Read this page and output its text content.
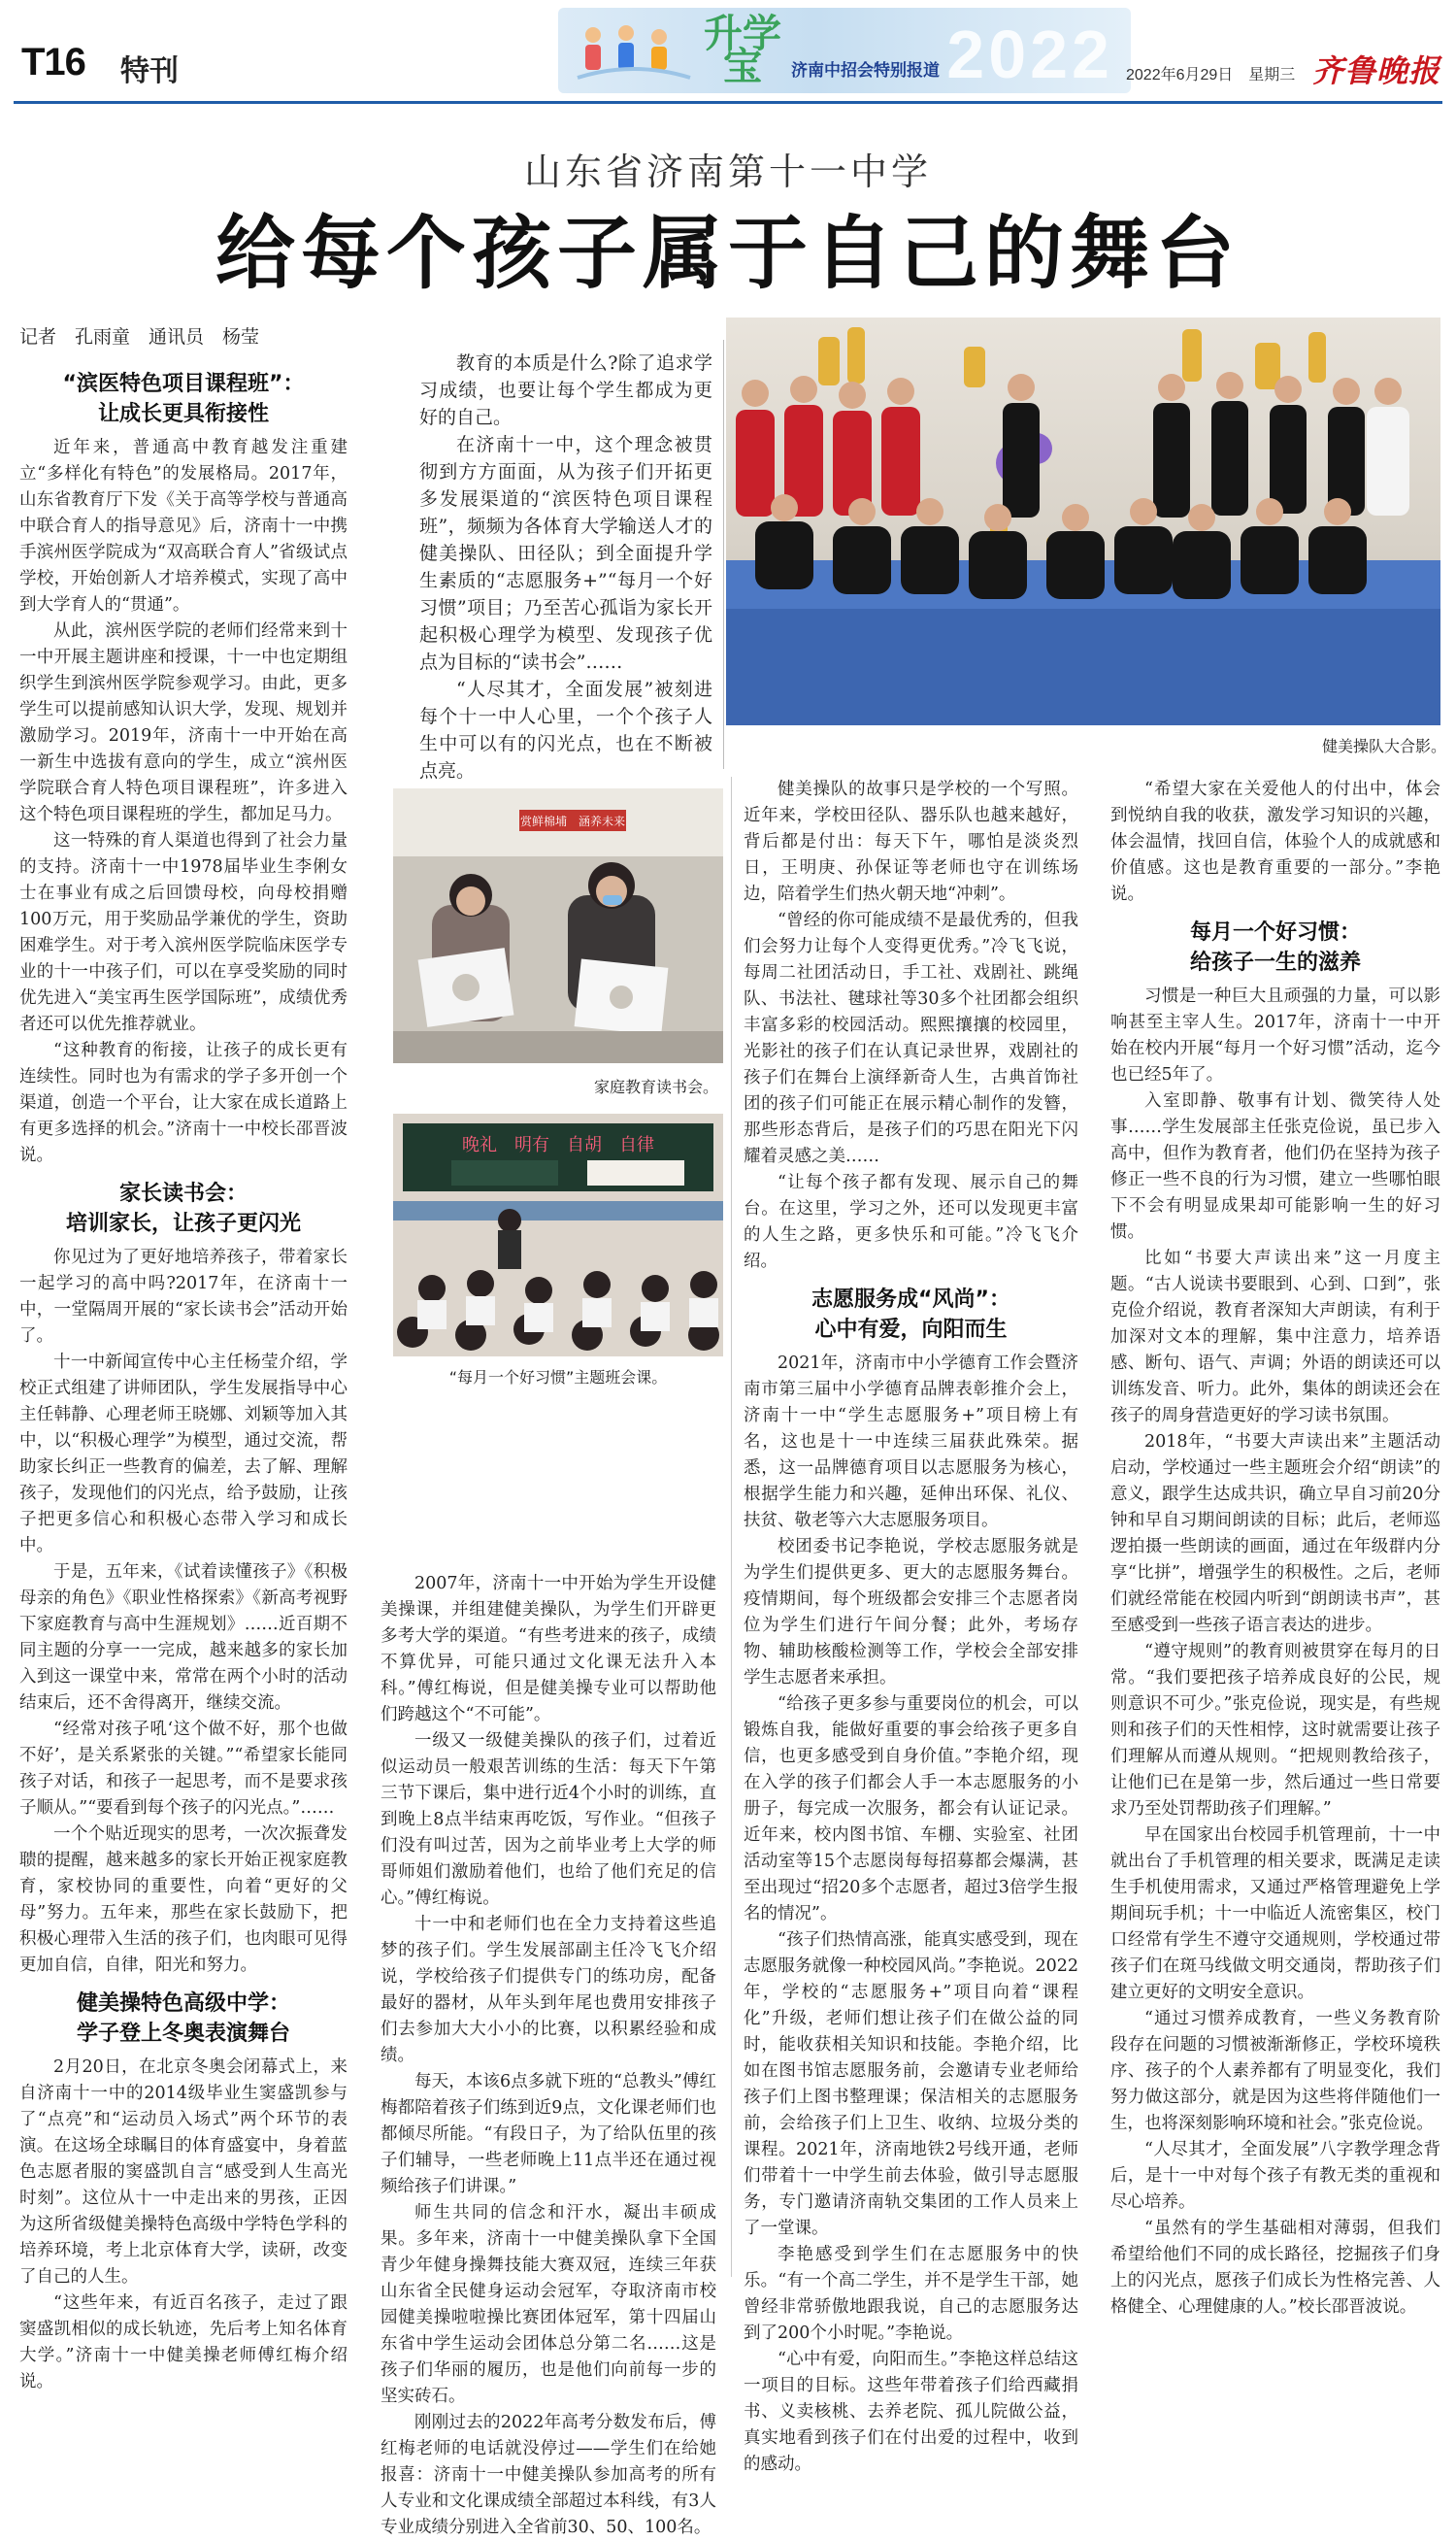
T16 特刊
升学宝	济南中招会特别报道 2022 2022年6月29日　星期三 齐鲁晚报
山东省济南第十一中学
给每个孩子属于自己的舞台
记者　孔雨童　通讯员　杨莹

教育的本质是什么?除了追求学习成绩，也要让每个学生都成为更好的自己。

在济南十一中，这个理念被贯彻到方方面面，从为孩子们开拓更多发展渠道的“滨医特色项目课程班”，频频为各体育大学输送人才的健美操队、田径队；到全面提升学生素质的“志愿服务+”“每月一个好习惯”项目；乃至苦心孤诣为家长开起积极心理学为模型、发现孩子优点为目标的“读书会”……

“人尽其才，全面发展”被刻进每个十一中人心里，一个个孩子人生中可以有的闪光点，也在不断被点亮。

健美操队大合影。
赏鲜棉埔　涵养未来
家庭教育读书会。
晚礼　明有　自胡　自律
“每月一个好习惯”主题班会课。
“滨医特色项目课程班”：
让成长更具衔接性

近年来，普通高中教育越发注重建立“多样化有特色”的发展格局。2017年，山东省教育厅下发《关于高等学校与普通高中联合育人的指导意见》后，济南十一中携手滨州医学院成为“双高联合育人”省级试点学校，开始创新人才培养模式，实现了高中到大学育人的“贯通”。

从此，滨州医学院的老师们经常来到十一中开展主题讲座和授课，十一中也定期组织学生到滨州医学院参观学习。由此，更多学生可以提前感知认识大学，发现、规划并激励学习。2019年，济南十一中开始在高一新生中选拔有意向的学生，成立“滨州医学院联合育人特色项目课程班”，许多进入这个特色项目课程班的学生，都加足马力。

这一特殊的育人渠道也得到了社会力量的支持。济南十一中1978届毕业生李俐女士在事业有成之后回馈母校，向母校捐赠100万元，用于奖励品学兼优的学生，资助困难学生。对于考入滨州医学院临床医学专业的十一中孩子们，可以在享受奖励的同时优先进入“美宝再生医学国际班”，成绩优秀者还可以优先推荐就业。

“这种教育的衔接，让孩子的成长更有连续性。同时也为有需求的学子多开创一个渠道，创造一个平台，让大家在成长道路上有更多选择的机会。”济南十一中校长邵晋波说。

家长读书会：
培训家长，让孩子更闪光

你见过为了更好地培养孩子，带着家长一起学习的高中吗?2017年，在济南十一中，一堂隔周开展的“家长读书会”活动开始了。

十一中新闻宣传中心主任杨莹介绍，学校正式组建了讲师团队，学生发展指导中心主任韩静、心理老师王晓娜、刘颖等加入其中，以“积极心理学”为模型，通过交流，帮助家长纠正一些教育的偏差，去了解、理解孩子，发现他们的闪光点，给予鼓励，让孩子把更多信心和积极心态带入学习和成长中。

于是，五年来，《试着读懂孩子》《积极母亲的角色》《职业性格探索》《新高考视野下家庭教育与高中生涯规划》……近百期不同主题的分享一一完成，越来越多的家长加入到这一课堂中来，常常在两个小时的活动结束后，还不舍得离开，继续交流。

“经常对孩子吼‘这个做不好，那个也做不好’，是关系紧张的关键。”“希望家长能同孩子对话，和孩子一起思考，而不是要求孩子顺从。”“要看到每个孩子的闪光点。”……

一个个贴近现实的思考，一次次振聋发聩的提醒，越来越多的家长开始正视家庭教育，家校协同的重要性，向着“更好的父母”努力。五年来，那些在家长鼓励下，把积极心理带入生活的孩子们，也肉眼可见得更加自信，自律，阳光和努力。

健美操特色高级中学：
学子登上冬奥表演舞台

2月20日，在北京冬奥会闭幕式上，来自济南十一中的2014级毕业生窦盛凯参与了“点亮”和“运动员入场式”两个环节的表演。在这场全球瞩目的体育盛宴中，身着蓝色志愿者服的窦盛凯自言“感受到人生高光时刻”。这位从十一中走出来的男孩，正因为这所省级健美操特色高级中学特色学科的培养环境，考上北京体育大学，读研，改变了自己的人生。

“这些年来，有近百名孩子，走过了跟窦盛凯相似的成长轨迹，先后考上知名体育大学。”济南十一中健美操老师傅红梅介绍说。

2007年，济南十一中开始为学生开设健美操课，并组建健美操队，为学生们开辟更多考大学的渠道。“有些考进来的孩子，成绩不算优异，可能只通过文化课无法升入本科。”傅红梅说，但是健美操专业可以帮助他们跨越这个“不可能”。

一级又一级健美操队的孩子们，过着近似运动员一般艰苦训练的生活：每天下午第三节下课后，集中进行近4个小时的训练，直到晚上8点半结束再吃饭，写作业。“但孩子们没有叫过苦，因为之前毕业考上大学的师哥师姐们激励着他们，也给了他们充足的信心。”傅红梅说。

十一中和老师们也在全力支持着这些追梦的孩子们。学生发展部副主任冷飞飞介绍说，学校给孩子们提供专门的练功房，配备最好的器材，从年头到年尾也费用安排孩子们去参加大大小小的比赛，以积累经验和成绩。

每天，本该6点多就下班的“总教头”傅红梅都陪着孩子们练到近9点，文化课老师们也都倾尽所能。“有段日子，为了给队伍里的孩子们辅导，一些老师晚上11点半还在通过视频给孩子们讲课。”

师生共同的信念和汗水，凝出丰硕成果。多年来，济南十一中健美操队拿下全国青少年健身操舞技能大赛双冠，连续三年获山东省全民健身运动会冠军，夺取济南市校园健美操啦啦操比赛团体冠军，第十四届山东省中学生运动会团体总分第二名……这是孩子们华丽的履历，也是他们向前每一步的坚实砖石。

刚刚过去的2022年高考分数发布后，傅红梅老师的电话就没停过——学生们在给她报喜：济南十一中健美操队参加高考的所有人专业和文化课成绩全部超过本科线，有3人专业成绩分别进入全省前30、50、100名。

健美操队的故事只是学校的一个写照。近年来，学校田径队、器乐队也越来越好，背后都是付出：每天下午，哪怕是淡炎烈日，王明庚、孙保证等老师也守在训练场边，陪着学生们热火朝天地“冲刺”。

“曾经的你可能成绩不是最优秀的，但我们会努力让每个人变得更优秀。”冷飞飞说，每周二社团活动日，手工社、戏剧社、跳绳队、书法社、毽球社等30多个社团都会组织丰富多彩的校园活动。熙熙攘攘的校园里，光影社的孩子们在认真记录世界，戏剧社的孩子们在舞台上演绎新奇人生，古典首饰社团的孩子们可能正在展示精心制作的发簪，那些形态背后，是孩子们的巧思在阳光下闪耀着灵感之美……

“让每个孩子都有发现、展示自己的舞台。在这里，学习之外，还可以发现更丰富的人生之路，更多快乐和可能。”冷飞飞介绍。

志愿服务成“风尚”：
心中有爱，向阳而生

2021年，济南市中小学德育工作会暨济南市第三届中小学德育品牌表彰推介会上，济南十一中“学生志愿服务+”项目榜上有名，这也是十一中连续三届获此殊荣。据悉，这一品牌德育项目以志愿服务为核心，根据学生能力和兴趣，延伸出环保、礼仪、扶贫、敬老等六大志愿服务项目。

校团委书记李艳说，学校志愿服务就是为学生们提供更多、更大的志愿服务舞台。疫情期间，每个班级都会安排三个志愿者岗位为学生们进行午间分餐；此外，考场存物、辅助核酸检测等工作，学校会全部安排学生志愿者来承担。

“给孩子更多参与重要岗位的机会，可以锻炼自我，能做好重要的事会给孩子更多自信，也更多感受到自身价值。”李艳介绍，现在入学的孩子们都会人手一本志愿服务的小册子，每完成一次服务，都会有认证记录。近年来，校内图书馆、车棚、实验室、社团活动室等15个志愿岗每每招募都会爆满，甚至出现过“招20多个志愿者，超过3倍学生报名的情况”。

“孩子们热情高涨，能真实感受到，现在志愿服务就像一种校园风尚。”李艳说。2022年，学校的“志愿服务+”项目向着“课程化”升级，老师们想让孩子们在做公益的同时，能收获相关知识和技能。李艳介绍，比如在图书馆志愿服务前，会邀请专业老师给孩子们上图书整理课；保洁相关的志愿服务前，会给孩子们上卫生、收纳、垃圾分类的课程。2021年，济南地铁2号线开通，老师们带着十一中学生前去体验，做引导志愿服务，专门邀请济南轨交集团的工作人员来上了一堂课。

李艳感受到学生们在志愿服务中的快乐。“有一个高二学生，并不是学生干部，她曾经非常骄傲地跟我说，自己的志愿服务达到了200个小时呢。”李艳说。

“心中有爱，向阳而生。”李艳这样总结这一项目的目标。这些年带着孩子们给西藏捐书、义卖核桃、去养老院、孤儿院做公益，真实地看到孩子们在付出爱的过程中，收到的感动。

“希望大家在关爱他人的付出中，体会到悦纳自我的收获，激发学习知识的兴趣，体会温情，找回自信，体验个人的成就感和价值感。这也是教育重要的一部分。”李艳说。

每月一个好习惯：
给孩子一生的滋养

习惯是一种巨大且顽强的力量，可以影响甚至主宰人生。2017年，济南十一中开始在校内开展“每月一个好习惯”活动，迄今也已经5年了。

入室即静、敬事有计划、微笑待人处事……学生发展部主任张克俭说，虽已步入高中，但作为教育者，他们仍在坚持为孩子修正一些不良的行为习惯，建立一些哪怕眼下不会有明显成果却可能影响一生的好习惯。

比如“书要大声读出来”这一月度主题。“古人说读书要眼到、心到、口到”，张克俭介绍说，教育者深知大声朗读，有利于加深对文本的理解，集中注意力，培养语感、断句、语气、声调；外语的朗读还可以训练发音、听力。此外，集体的朗读还会在孩子的周身营造更好的学习读书氛围。

2018年，“书要大声读出来”主题活动启动，学校通过一些主题班会介绍“朗读”的意义，跟学生达成共识，确立早自习前20分钟和早自习期间朗读的目标；此后，老师巡逻拍摄一些朗读的画面，通过在年级群内分享“比拼”，增强学生的积极性。之后，老师们就经常能在校园内听到“朗朗读书声”，甚至感受到一些孩子语言表达的进步。

“遵守规则”的教育则被贯穿在每月的日常。“我们要把孩子培养成良好的公民，规则意识不可少。”张克俭说，现实是，有些规则和孩子们的天性相悖，这时就需要让孩子们理解从而遵从规则。“把规则教给孩子，让他们已在是第一步，然后通过一些日常要求乃至处罚帮助孩子们理解。”

早在国家出台校园手机管理前，十一中就出台了手机管理的相关要求，既满足走读生手机使用需求，又通过严格管理避免上学期间玩手机；十一中临近人流密集区，校门口经常有学生不遵守交通规则，学校通过带孩子们在斑马线做文明交通岗，帮助孩子们建立更好的文明安全意识。

“通过习惯养成教育，一些义务教育阶段存在问题的习惯被渐渐修正，学校环境秩序、孩子的个人素养都有了明显变化，我们努力做这部分，就是因为这些将伴随他们一生，也将深刻影响环境和社会。”张克俭说。

“人尽其才，全面发展”八字教学理念背后，是十一中对每个孩子有教无类的重视和尽心培养。

“虽然有的学生基础相对薄弱，但我们希望给他们不同的成长路径，挖掘孩子们身上的闪光点，愿孩子们成长为性格完善、人格健全、心理健康的人。”校长邵晋波说。
